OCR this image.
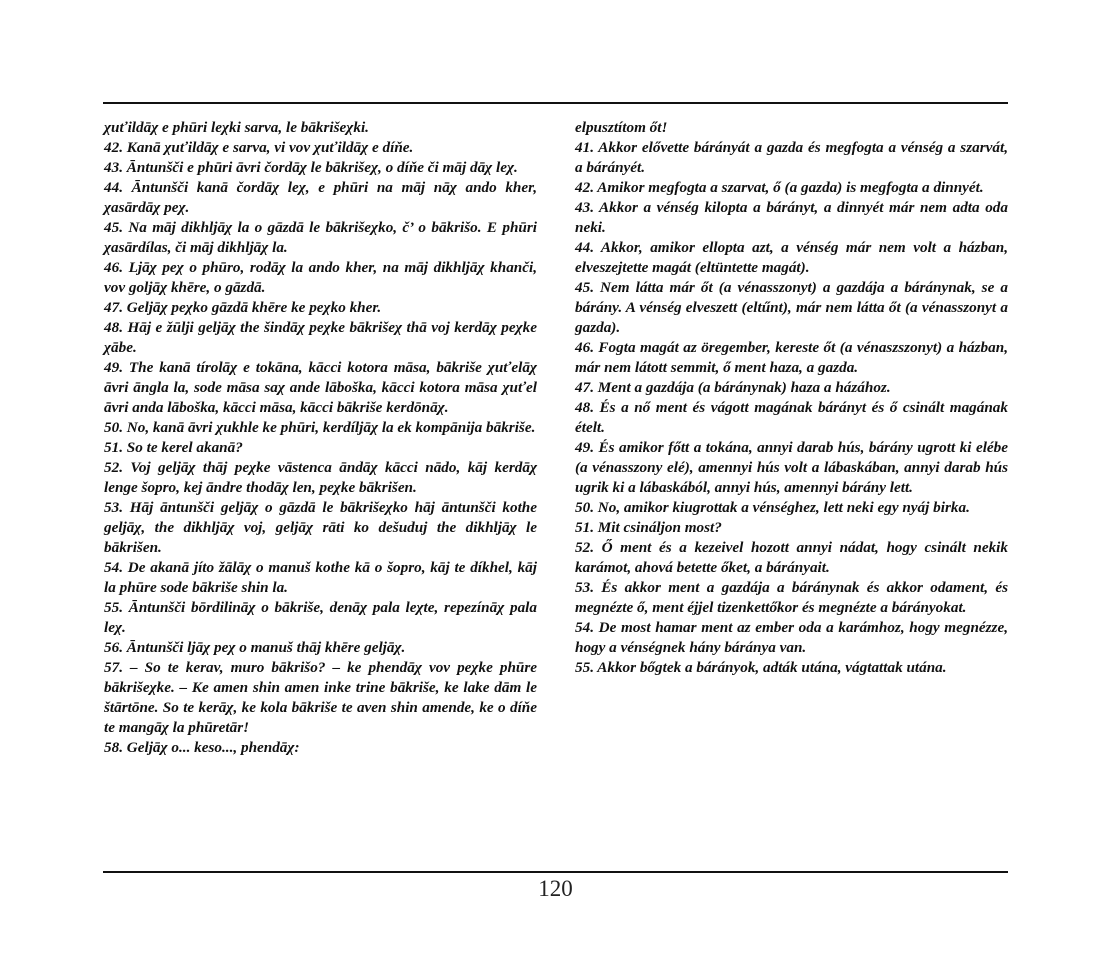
χuťildāχ e phūri leχki sarva, le bākrišeχki.

42. Kanā χuťildāχ e sarva, vi vov χuťildāχ e díňe.

43. Āntunšči e phūri āvri čordāχ le bākrišeχ, o díňe či māj dāχ leχ.

44. Āntunšči kanā čordāχ leχ, e phūri na māj nāχ ando kher, χasārdāχ peχ.

45. Na māj dikhljāχ la o gāzdā le bākrišeχko, č’ o bākrišo. E phūri χasārdílas, či māj dikhljāχ la.

46. Ljāχ peχ o phūro, rodāχ la ando kher, na māj dikhljāχ khanči, vov goljāχ khēre, o gāzdā.

47. Geljāχ peχko gāzdā khēre ke peχko kher.

48. Hāj e žūlji geljāχ the šindāχ peχke bākrišeχ thā voj kerdāχ peχke χābe.

49. The kanā tírolāχ e tokāna, kācci kotora māsa, bākriše χuťelāχ āvri āngla la, sode māsa saχ ande lāboška, kācci kotora māsa χuťel āvri anda lāboška, kācci māsa, kācci bākriše kerdōnāχ.

50. No, kanā āvri χukhle ke phūri, kerdíljāχ la ek kompānija bākriše.

51. So te kerel akanā?

52. Voj geljāχ thāj peχke vāstenca āndāχ kācci nādo, kāj kerdāχ lenge šopro, kej āndre thodāχ len, peχke bākrišen.

53. Hāj āntunšči geljāχ o gāzdā le bākrišeχko hāj āntunšči kothe geljāχ, the dikhljāχ voj, geljāχ rāti ko dešuduj the dikhljāχ le bākrišen.

54. De akanā jíto žālāχ o manuš kothe kā o šopro, kāj te díkhel, kāj la phūre sode bākriše shin la.

55. Āntunšči bōrdilināχ o bākriše, denāχ pala leχte, repezínāχ pala leχ.

56. Āntunšči ljāχ peχ o manuš thāj khēre geljāχ.

57. – So te kerav, muro bākrišo? – ke phendāχ vov peχke phūre bākrišeχke. – Ke amen shin amen inke trine bākriše, ke lake dām le štārtōne. So te kerāχ, ke kola bākriše te aven shin amende, ke o díňe te mangāχ la phūretār!

58. Geljāχ o... keso..., phendāχ:

elpusztítom őt!

41. Akkor elővette bárányát a gazda és megfogta a vénség a szarvát, a bárányét.

42. Amikor megfogta a szarvat, ő (a gazda) is megfogta a dinnyét.

43. Akkor a vénség kilopta a bárányt, a dinnyét már nem adta oda neki.

44. Akkor, amikor ellopta azt, a vénség már nem volt a házban, elveszejtette magát (eltüntette magát).

45. Nem látta már őt (a vénasszonyt) a gazdája a báránynak, se a bárány. A vénség elveszett (eltűnt), már nem látta őt (a vénasszonyt a gazda).

46. Fogta magát az öregember, kereste őt (a vénaszszonyt) a házban, már nem látott semmit, ő ment haza, a gazda.

47. Ment a gazdája (a báránynak) haza a házához.

48. És a nő ment és vágott magának bárányt és ő csinált magának ételt.

49. És amikor főtt a tokána, annyi darab hús, bárány ugrott ki elébe (a vénasszony elé), amennyi hús volt a lábaskában, annyi darab hús ugrik ki a lábaskából, annyi hús, amennyi bárány lett.

50. No, amikor kiugrottak a vénséghez, lett neki egy nyáj birka.

51. Mit csináljon most?

52. Ő ment és a kezeivel hozott annyi nádat, hogy csinált nekik karámot, ahová betette őket, a bárányait.

53. És akkor ment a gazdája a báránynak és akkor odament, és megnézte ő, ment éjjel tizenkettőkor és megnézte a bárányokat.

54. De most hamar ment az ember oda a karámhoz, hogy megnézze, hogy a vénségnek hány báránya van.

55. Akkor bőgtek a bárányok, adták utána, vágtattak utána.

120
